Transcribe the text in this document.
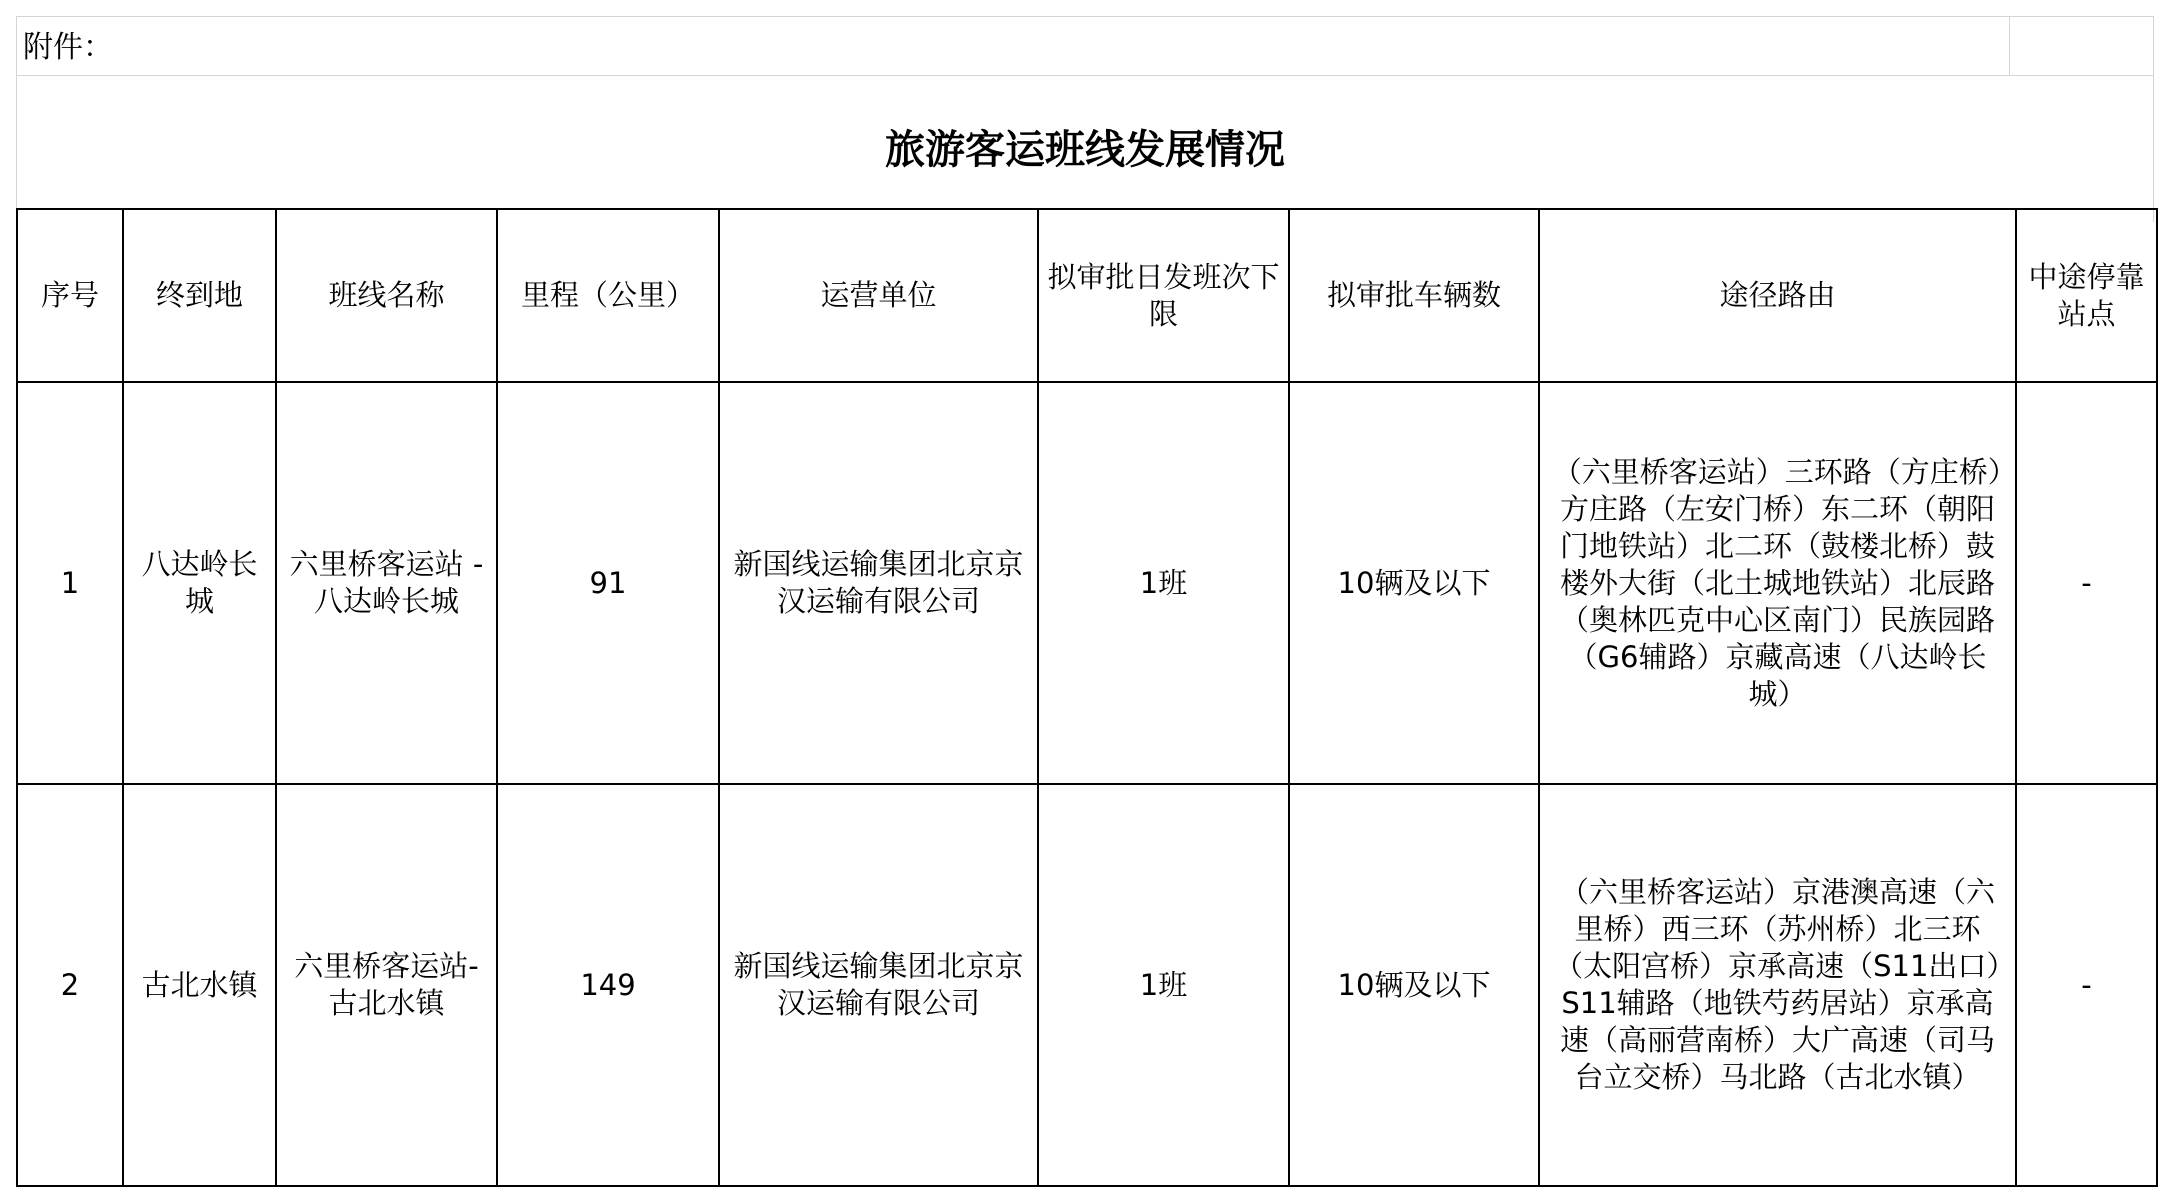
附件：
旅游客运班线发展情况
序号	终到地	班线名称	里程（公里）	运营单位	拟审批日发班次下限	拟审批车辆数	途径路由	中途停靠站点
1	八达岭长城	六里桥客运站 - 八达岭长城	91	新国线运输集团北京京汉运输有限公司	1班	10辆及以下	（六里桥客运站）三环路（方庄桥）方庄路（左安门桥）东二环（朝阳门地铁站）北二环（鼓楼北桥）鼓楼外大街（北土城地铁站）北辰路（奥林匹克中心区南门）民族园路（G6辅路）京藏高速（八达岭长城）	-
2	古北水镇	六里桥客运站-古北水镇	149	新国线运输集团北京京汉运输有限公司	1班	10辆及以下	（六里桥客运站）京港澳高速（六里桥）西三环（苏州桥）北三环（太阳宫桥）京承高速（S11出口）S11辅路（地铁芍药居站）京承高速（高丽营南桥）大广高速（司马台立交桥）马北路（古北水镇）	-
